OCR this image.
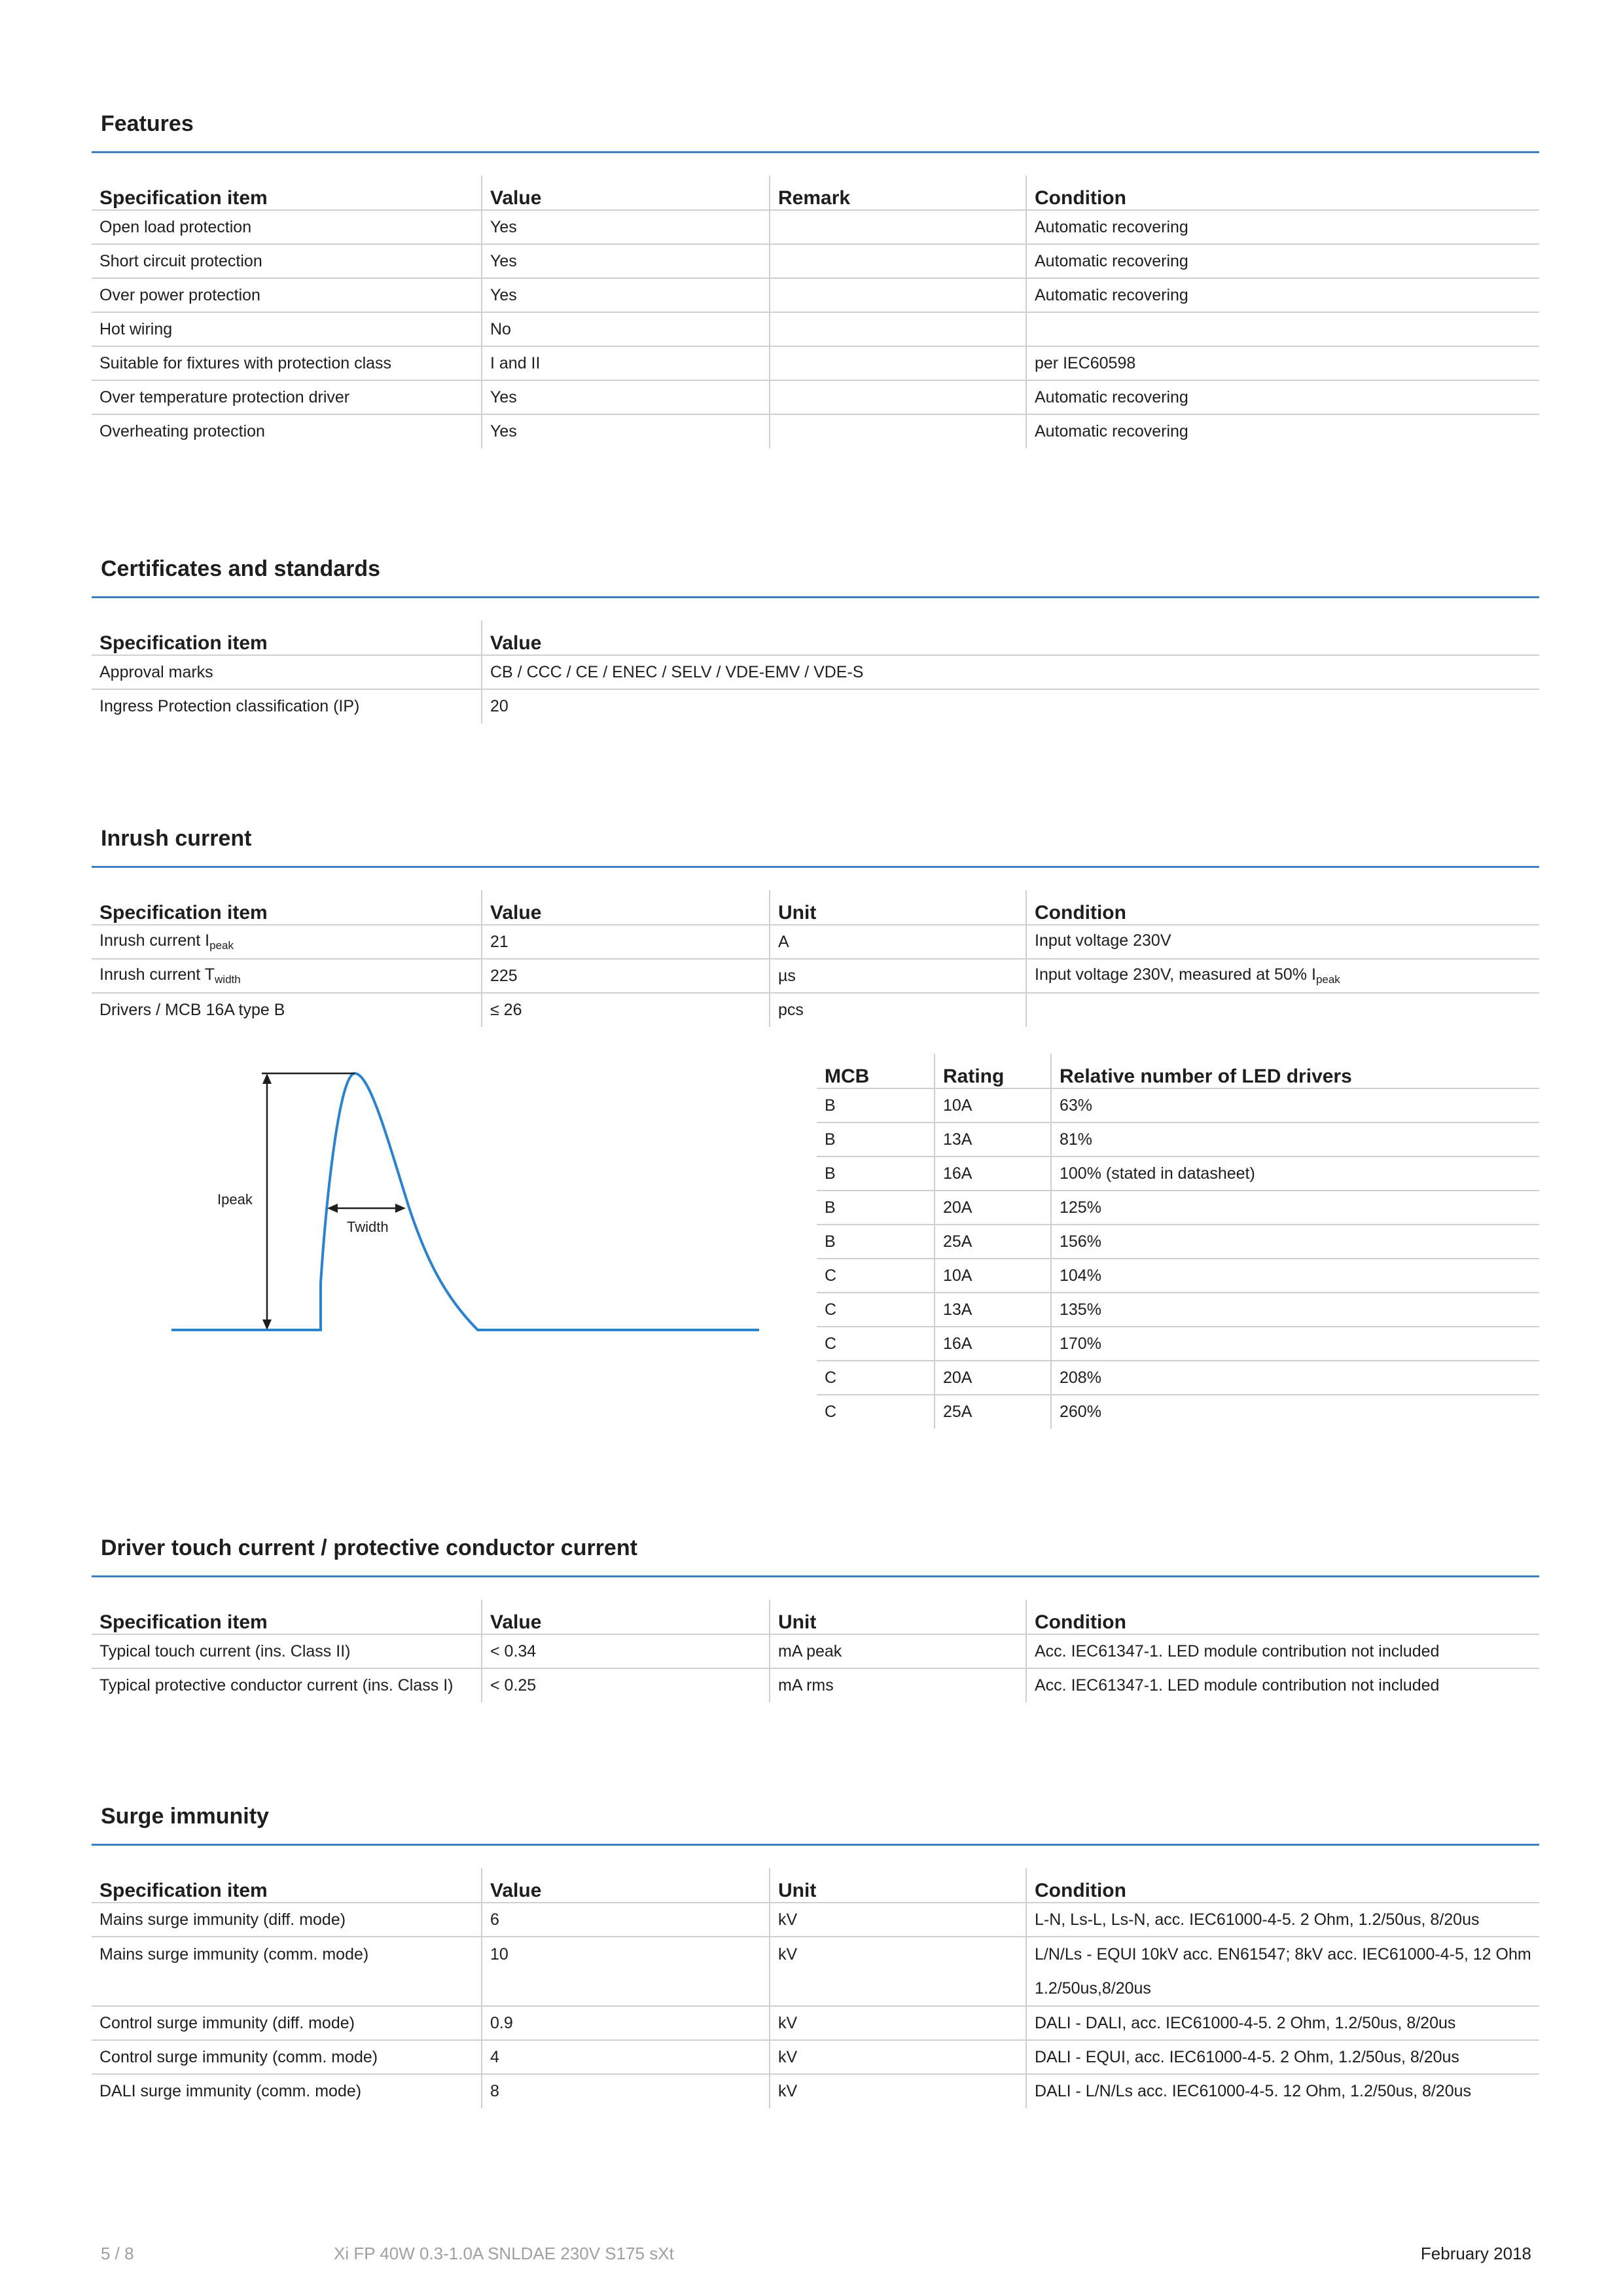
Features
Specification item	Value	Remark	Condition
Open load protection	Yes		Automatic recovering
Short circuit protection	Yes		Automatic recovering
Over power protection	Yes		Automatic recovering
Hot wiring	No		
Suitable for fixtures with protection class	I and II		per IEC60598
Over temperature protection driver	Yes		Automatic recovering
Overheating protection	Yes		Automatic recovering
Certificates and standards
Specification item	Value
Approval marks	CB / CCC / CE / ENEC / SELV / VDE-EMV / VDE-S
Ingress Protection classification (IP)	20
Inrush current
Specification item	Value	Unit	Condition
Inrush current $I_{peak}$	21	A	Input voltage 230V
Inrush current $T_{width}$	225	µs	Input voltage 230V, measured at 50% $I_{peak}$
Drivers / MCB 16A type B	≤ 26	pcs	
Ipeak
Twidth
MCB	Rating	Relative number of LED drivers
B	10A	63%
B	13A	81%
B	16A	100% (stated in datasheet)
B	20A	125%
B	25A	156%
C	10A	104%
C	13A	135%
C	16A	170%
C	20A	208%
C	25A	260%
Driver touch current / protective conductor current
Specification item	Value	Unit	Condition
Typical touch current (ins. Class II)	< 0.34	mA peak	Acc. IEC61347-1. LED module contribution not included
Typical protective conductor current (ins. Class I)	< 0.25	mA rms	Acc. IEC61347-1. LED module contribution not included
Surge immunity
Specification item	Value	Unit	Condition
Mains surge immunity (diff. mode)	6	kV	L-N, Ls-L, Ls-N, acc. IEC61000-4-5. 2 Ohm, 1.2/50us, 8/20us
Mains surge immunity (comm. mode)	10	kV	L/N/Ls - EQUI 10kV acc. EN61547; 8kV acc. IEC61000-4-5, 12 Ohm 1.2/50us,8/20us
Control surge immunity (diff. mode)	0.9	kV	DALI - DALI, acc. IEC61000-4-5. 2 Ohm, 1.2/50us, 8/20us
Control surge immunity (comm. mode)	4	kV	DALI - EQUI, acc. IEC61000-4-5. 2 Ohm, 1.2/50us, 8/20us
DALI surge immunity (comm. mode)	8	kV	DALI - L/N/Ls acc. IEC61000-4-5. 12 Ohm, 1.2/50us, 8/20us
5 / 8	Xi FP 40W 0.3-1.0A SNLDAE 230V S175 sXt	February 2018
